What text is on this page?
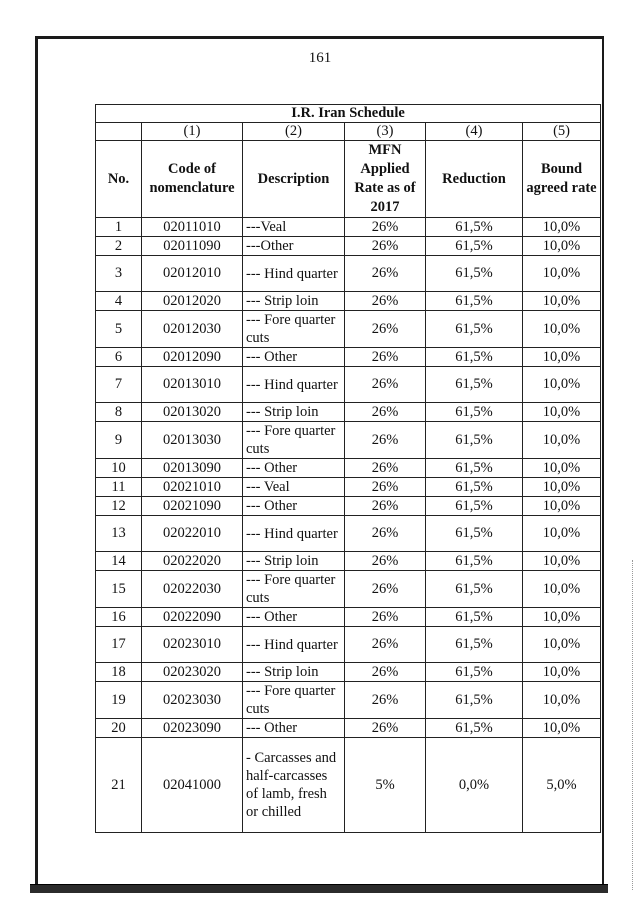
161
I.R. Iran Schedule					
	(1)	(2)	(3)	(4)	(5)
No.	Code of nomenclature	Description	MFN Applied Rate as of 2017	Reduction	Bound agreed rate
1	02011010	---Veal	26%	61,5%	10,0%
2	02011090	---Other	26%	61,5%	10,0%
3	02012010	--- Hind quarter	26%	61,5%	10,0%
4	02012020	--- Strip loin	26%	61,5%	10,0%
5	02012030	--- Fore quarter cuts	26%	61,5%	10,0%
6	02012090	--- Other	26%	61,5%	10,0%
7	02013010	--- Hind quarter	26%	61,5%	10,0%
8	02013020	--- Strip loin	26%	61,5%	10,0%
9	02013030	--- Fore quarter cuts	26%	61,5%	10,0%
10	02013090	--- Other	26%	61,5%	10,0%
11	02021010	--- Veal	26%	61,5%	10,0%
12	02021090	--- Other	26%	61,5%	10,0%
13	02022010	--- Hind quarter	26%	61,5%	10,0%
14	02022020	--- Strip loin	26%	61,5%	10,0%
15	02022030	--- Fore quarter cuts	26%	61,5%	10,0%
16	02022090	--- Other	26%	61,5%	10,0%
17	02023010	--- Hind quarter	26%	61,5%	10,0%
18	02023020	--- Strip loin	26%	61,5%	10,0%
19	02023030	--- Fore quarter cuts	26%	61,5%	10,0%
20	02023090	--- Other	26%	61,5%	10,0%
21	02041000	- Carcasses and half-carcasses of lamb, fresh or chilled	5%	0,0%	5,0%
